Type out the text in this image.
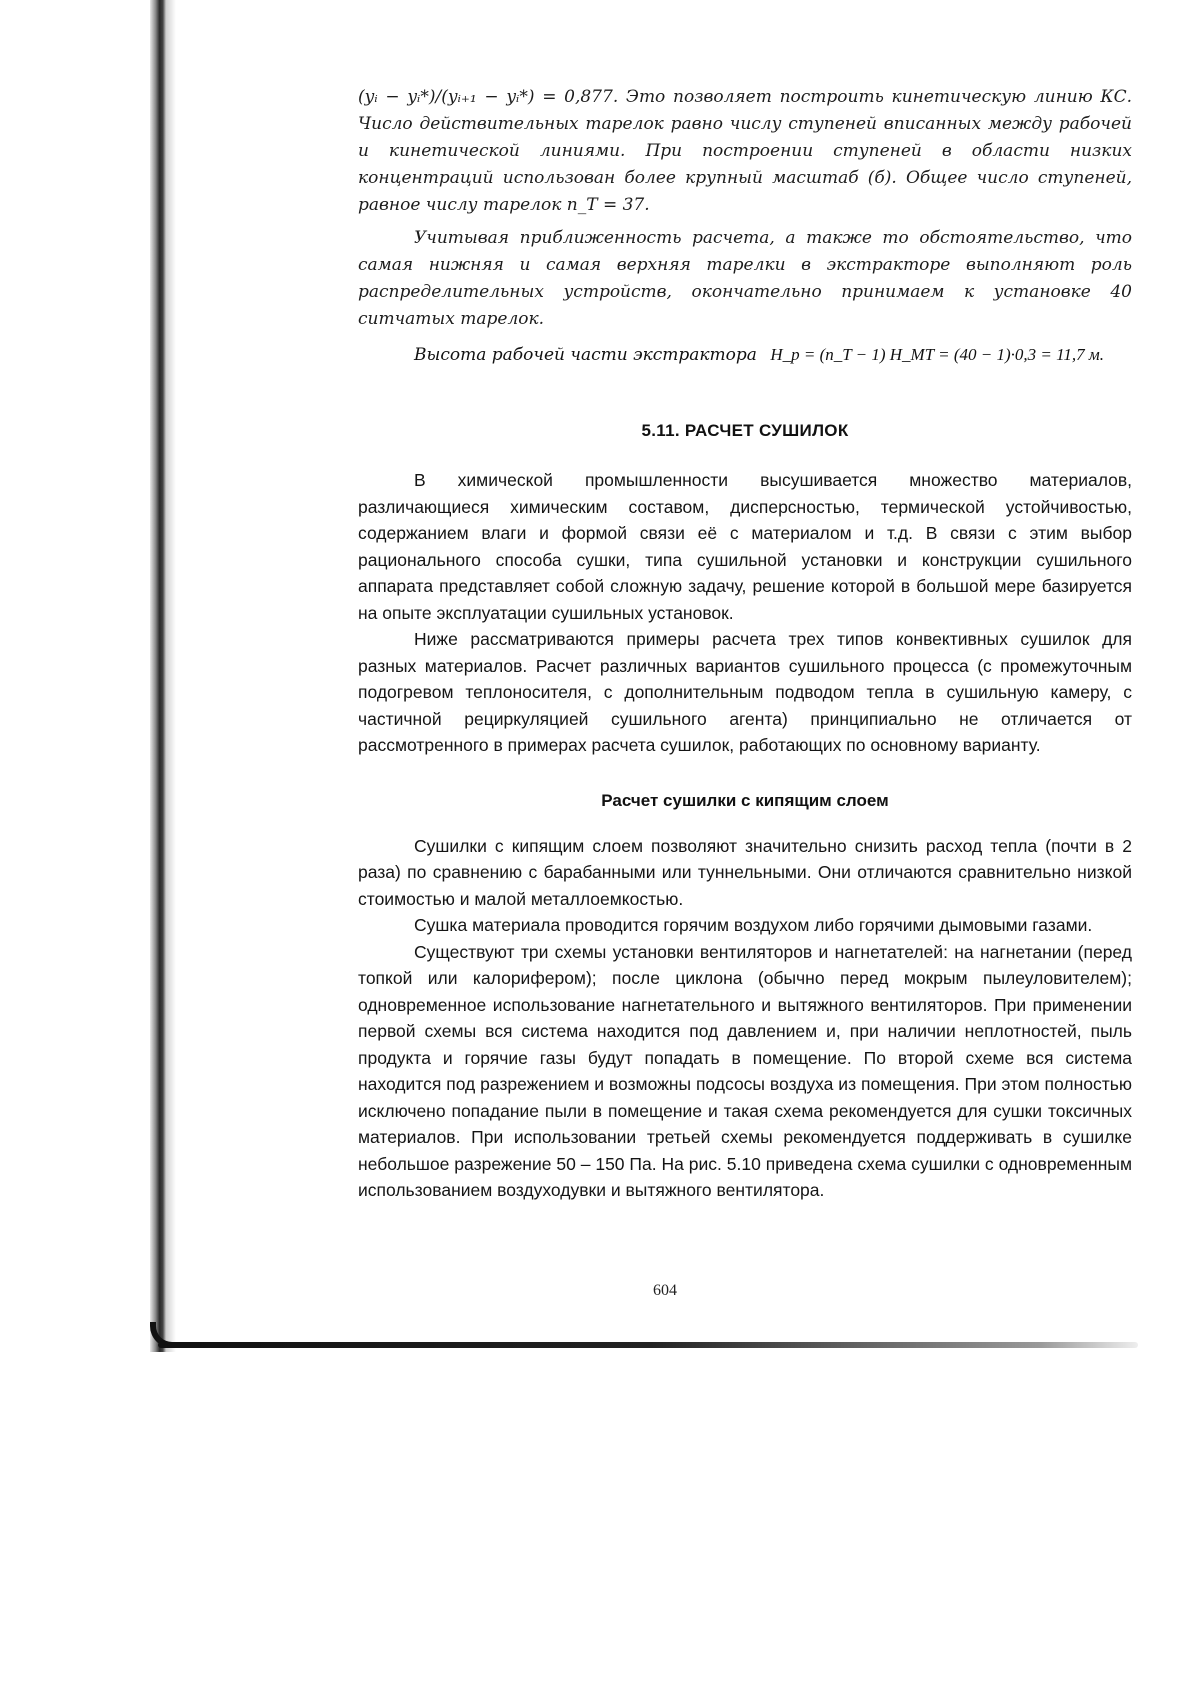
(yᵢ − yᵢ*)/(yᵢ₊₁ − yᵢ*) = 0,877. Это позволяет построить кинетическую линию КС. Число действительных тарелок равно числу ступеней вписанных между рабочей и кинетической линиями. При построении ступеней в области низких концентраций использован более крупный масштаб (б). Общее число ступеней, равное числу тарелок n_T = 37.

Учитывая приближенность расчета, а также то обстоятельство, что самая нижняя и самая верхняя тарелки в экстракторе выполняют роль распределительных устройств, окончательно принимаем к установке 40 ситчатых тарелок.

Высота рабочей части экстрактора H_p = (n_T − 1) H_MT = (40 − 1)·0,3 = 11,7 м.

5.11. РАСЧЕТ СУШИЛОК

В химической промышленности высушивается множество материалов, различающиеся химическим составом, дисперсностью, термической устойчивостью, содержанием влаги и формой связи её с материалом и т.д. В связи с этим выбор рационального способа сушки, типа сушильной установки и конструкции сушильного аппарата представляет собой сложную задачу, решение которой в большой мере базируется на опыте эксплуатации сушильных установок.

Ниже рассматриваются примеры расчета трех типов конвективных сушилок для разных материалов. Расчет различных вариантов сушильного процесса (с промежуточным подогревом теплоносителя, с дополнительным подводом тепла в сушильную камеру, с частичной рециркуляцией сушильного агента) принципиально не отличается от рассмотренного в примерах расчета сушилок, работающих по основному варианту.

Расчет сушилки с кипящим слоем

Сушилки с кипящим слоем позволяют значительно снизить расход тепла (почти в 2 раза) по сравнению с барабанными или туннельными. Они отличаются сравнительно низкой стоимостью и малой металлоемкостью.

Сушка материала проводится горячим воздухом либо горячими дымовыми газами.

Существуют три схемы установки вентиляторов и нагнетателей: на нагнетании (перед топкой или калорифером); после циклона (обычно перед мокрым пылеуловителем); одновременное использование нагнетательного и вытяжного вентиляторов. При применении первой схемы вся система находится под давлением и, при наличии неплотностей, пыль продукта и горячие газы будут попадать в помещение. По второй схеме вся система находится под разрежением и возможны подсосы воздуха из помещения. При этом полностью исключено попадание пыли в помещение и такая схема рекомендуется для сушки токсичных материалов. При использовании третьей схемы рекомендуется поддерживать в сушилке небольшое разрежение 50 – 150 Па. На рис. 5.10 приведена схема сушилки с одновременным использованием воздуходувки и вытяжного вентилятора.

604
